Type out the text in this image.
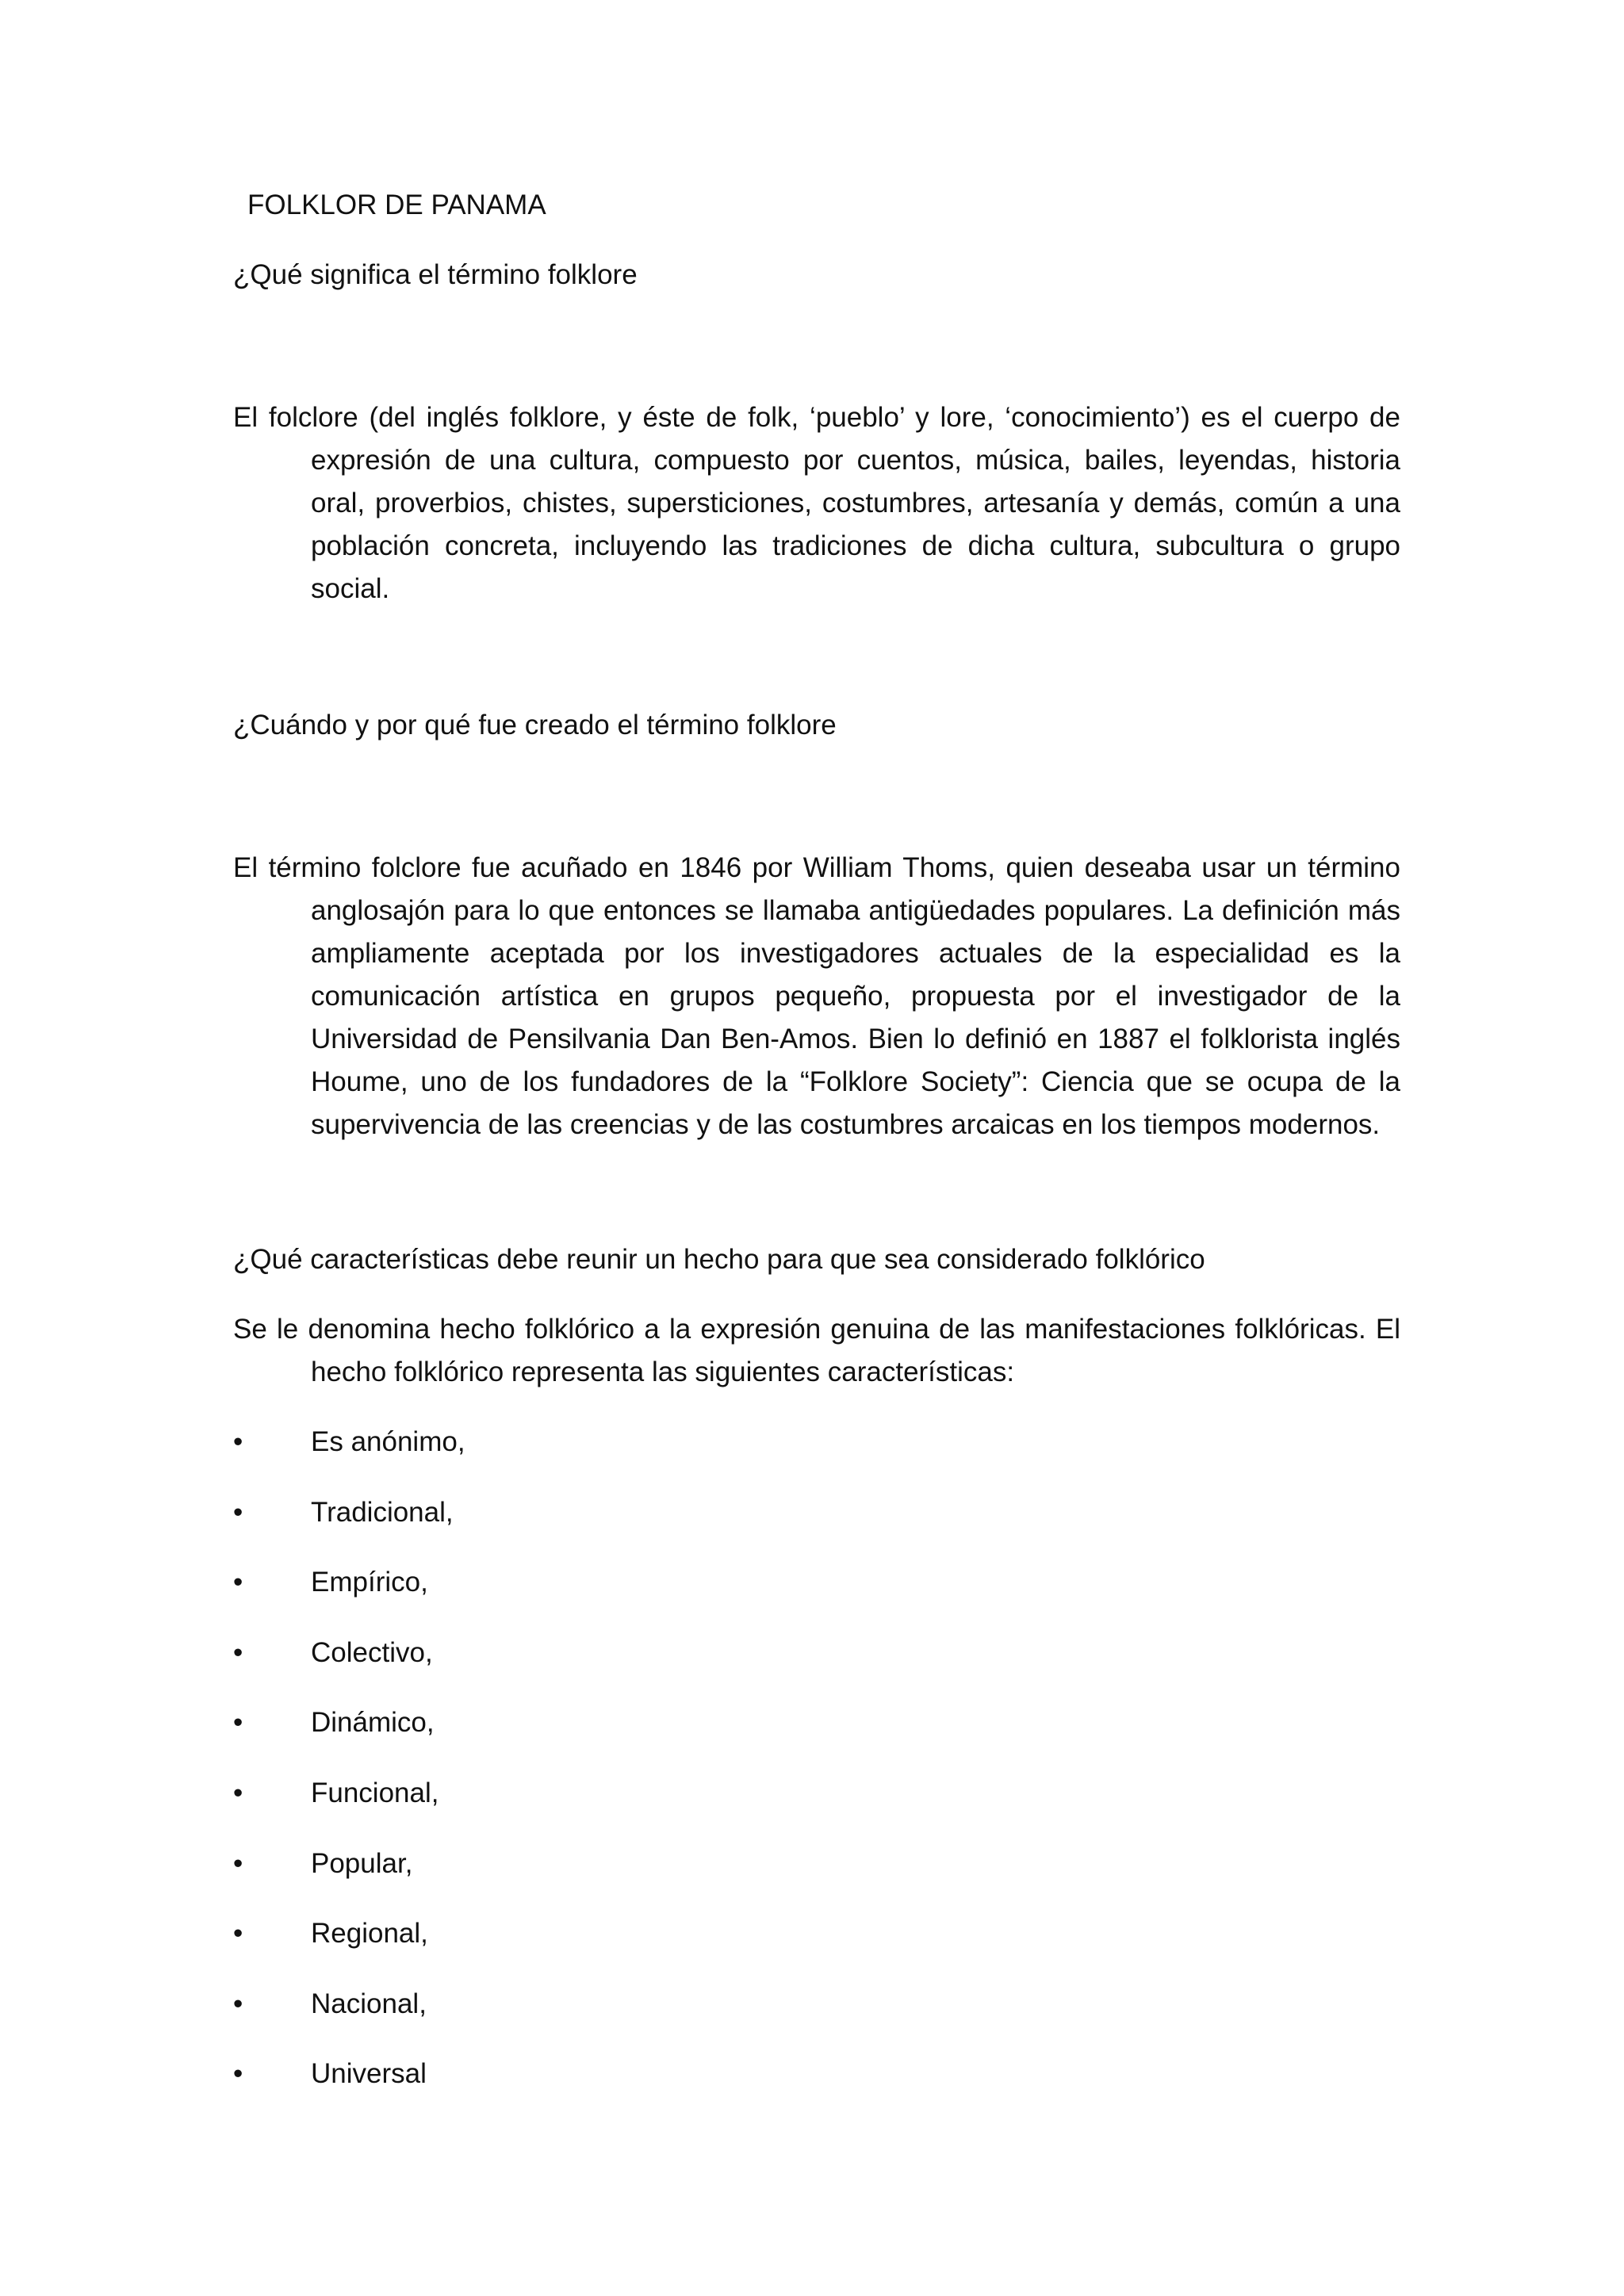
FOLKLOR DE PANAMA

¿Qué significa el término folklore

El folclore (del inglés folklore, y éste de folk, ‘pueblo’ y lore, ‘conocimiento’) es el cuerpo de expresión de una cultura, compuesto por cuentos, música, bailes, leyendas, historia oral, proverbios, chistes, supersticiones, costumbres, artesanía y demás, común a una población concreta, incluyendo las tradiciones de dicha cultura, subcultura o grupo social.

¿Cuándo y por qué fue creado el término folklore

El término folclore fue acuñado en 1846 por William Thoms, quien deseaba usar un término anglosajón para lo que entonces se llamaba antigüedades populares. La definición más ampliamente aceptada por los investigadores actuales de la especialidad es la comunicación artística en grupos pequeño, propuesta por el investigador de la Universidad de Pensilvania Dan Ben-Amos. Bien lo definió en 1887 el folklorista inglés Houme, uno de los fundadores de la “Folklore Society”: Ciencia que se ocupa de la supervivencia de las creencias y de las costumbres arcaicas en los tiempos modernos.

¿Qué características debe reunir un hecho para que sea considerado folklórico

Se le denomina hecho folklórico a la expresión genuina de las manifestaciones folklóricas. El hecho folklórico representa las siguientes características:

•	Es anónimo,
•	Tradicional,
•	Empírico,
•	Colectivo,
•	Dinámico,
•	Funcional,
•	Popular,
•	Regional,
•	Nacional,
•	Universal
